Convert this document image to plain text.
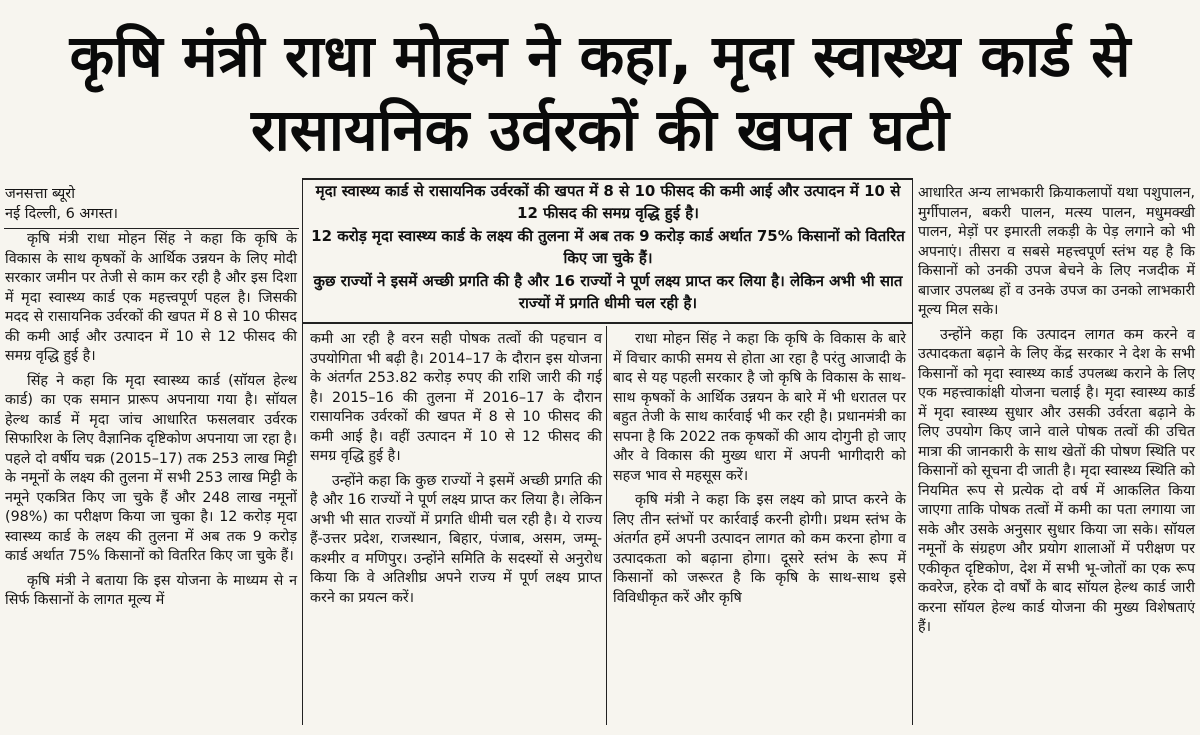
कृषि मंत्री राधा मोहन ने कहा, मृदा स्वास्थ्य कार्ड से
रासायनिक उर्वरकों की खपत घटी

मृदा स्वास्थ्य कार्ड से रासायनिक उर्वरकों की खपत में 8 से 10 फीसद की कमी आई और उत्पादन में 10 से 12 फीसद की समग्र वृद्धि हुई है।

12 करोड़ मृदा स्वास्थ्य कार्ड के लक्ष्य की तुलना में अब तक 9 करोड़ कार्ड अर्थात 75% किसानों को वितरित किए जा चुके हैं।

कुछ राज्यों ने इसमें अच्छी प्रगति की है और 16 राज्यों ने पूर्ण लक्ष्य प्राप्त कर लिया है। लेकिन अभी भी सात राज्यों में प्रगति धीमी चल रही है।

जनसत्ता ब्यूरो
नई दिल्ली, 6 अगस्त।

कृषि मंत्री राधा मोहन सिंह ने कहा कि कृषि के विकास के साथ कृषकों के आर्थिक उन्नयन के लिए मोदी सरकार जमीन पर तेजी से काम कर रही है और इस दिशा में मृदा स्वास्थ्य कार्ड एक महत्त्वपूर्ण पहल है। जिसकी मदद से रासायनिक उर्वरकों की खपत में 8 से 10 फीसद की कमी आई और उत्पादन में 10 से 12 फीसद की समग्र वृद्धि हुई है।

सिंह ने कहा कि मृदा स्वास्थ्य कार्ड (सॉयल हेल्थ कार्ड) का एक समान प्रारूप अपनाया गया है। सॉयल हेल्थ कार्ड में मृदा जांच आधारित फसलवार उर्वरक सिफारिश के लिए वैज्ञानिक दृष्टिकोण अपनाया जा रहा है। पहले दो वर्षीय चक्र (2015–17) तक 253 लाख मिट्टी के नमूनों के लक्ष्य की तुलना में सभी 253 लाख मिट्टी के नमूने एकत्रित किए जा चुके हैं और 248 लाख नमूनों (98%) का परीक्षण किया जा चुका है। 12 करोड़ मृदा स्वास्थ्य कार्ड के लक्ष्य की तुलना में अब तक 9 करोड़ कार्ड अर्थात 75% किसानों को वितरित किए जा चुके हैं।

कृषि मंत्री ने बताया कि इस योजना के माध्यम से न सिर्फ किसानों के लागत मूल्य में

कमी आ रही है वरन सही पोषक तत्वों की पहचान व उपयोगिता भी बढ़ी है। 2014–17 के दौरान इस योजना के अंतर्गत 253.82 करोड़ रुपए की राशि जारी की गई है। 2015–16 की तुलना में 2016–17 के दौरान रासायनिक उर्वरकों की खपत में 8 से 10 फीसद की कमी आई है। वहीं उत्पादन में 10 से 12 फीसद की समग्र वृद्धि हुई है।

उन्होंने कहा कि कुछ राज्यों ने इसमें अच्छी प्रगति की है और 16 राज्यों ने पूर्ण लक्ष्य प्राप्त कर लिया है। लेकिन अभी भी सात राज्यों में प्रगति धीमी चल रही है। ये राज्य हैं-उत्तर प्रदेश, राजस्थान, बिहार, पंजाब, असम, जम्मू-कश्मीर व मणिपुर। उन्होंने समिति के सदस्यों से अनुरोध किया कि वे अतिशीघ्र अपने राज्य में पूर्ण लक्ष्य प्राप्त करने का प्रयत्न करें।

राधा मोहन सिंह ने कहा कि कृषि के विकास के बारे में विचार काफी समय से होता आ रहा है परंतु आजादी के बाद से यह पहली सरकार है जो कृषि के विकास के साथ-साथ कृषकों के आर्थिक उन्नयन के बारे में भी धरातल पर बहुत तेजी के साथ कार्रवाई भी कर रही है। प्रधानमंत्री का सपना है कि 2022 तक कृषकों की आय दोगुनी हो जाए और वे विकास की मुख्य धारा में अपनी भागीदारी को सहज भाव से महसूस करें।

कृषि मंत्री ने कहा कि इस लक्ष्य को प्राप्त करने के लिए तीन स्तंभों पर कार्रवाई करनी होगी। प्रथम स्तंभ के अंतर्गत हमें अपनी उत्पादन लागत को कम करना होगा व उत्पादकता को बढ़ाना होगा। दूसरे स्तंभ के रूप में किसानों को जरूरत है कि कृषि के साथ-साथ इसे विविधीकृत करें और कृषि

आधारित अन्य लाभकारी क्रियाकलापों यथा पशुपालन, मुर्गीपालन, बकरी पालन, मत्स्य पालन, मधुमक्खी पालन, मेड़ों पर इमारती लकड़ी के पेड़ लगाने को भी अपनाएं। तीसरा व सबसे महत्त्वपूर्ण स्तंभ यह है कि किसानों को उनकी उपज बेचने के लिए नजदीक में बाजार उपलब्ध हों व उनके उपज का उनको लाभकारी मूल्य मिल सके।

उन्होंने कहा कि उत्पादन लागत कम करने व उत्पादकता बढ़ाने के लिए केंद्र सरकार ने देश के सभी किसानों को मृदा स्वास्थ्य कार्ड उपलब्ध कराने के लिए एक महत्त्वाकांक्षी योजना चलाई है। मृदा स्वास्थ्य कार्ड में मृदा स्वास्थ्य सुधार और उसकी उर्वरता बढ़ाने के लिए उपयोग किए जाने वाले पोषक तत्वों की उचित मात्रा की जानकारी के साथ खेतों की पोषण स्थिति पर किसानों को सूचना दी जाती है। मृदा स्वास्थ्य स्थिति को नियमित रूप से प्रत्येक दो वर्ष में आकलित किया जाएगा ताकि पोषक तत्वों में कमी का पता लगाया जा सके और उसके अनुसार सुधार किया जा सके। सॉयल नमूनों के संग्रहण और प्रयोग शालाओं में परीक्षण पर एकीकृत दृष्टिकोण, देश में सभी भू-जोतों का एक रूप कवरेज, हरेक दो वर्षों के बाद सॉयल हेल्थ कार्ड जारी करना सॉयल हेल्थ कार्ड योजना की मुख्य विशेषताएं हैं।
